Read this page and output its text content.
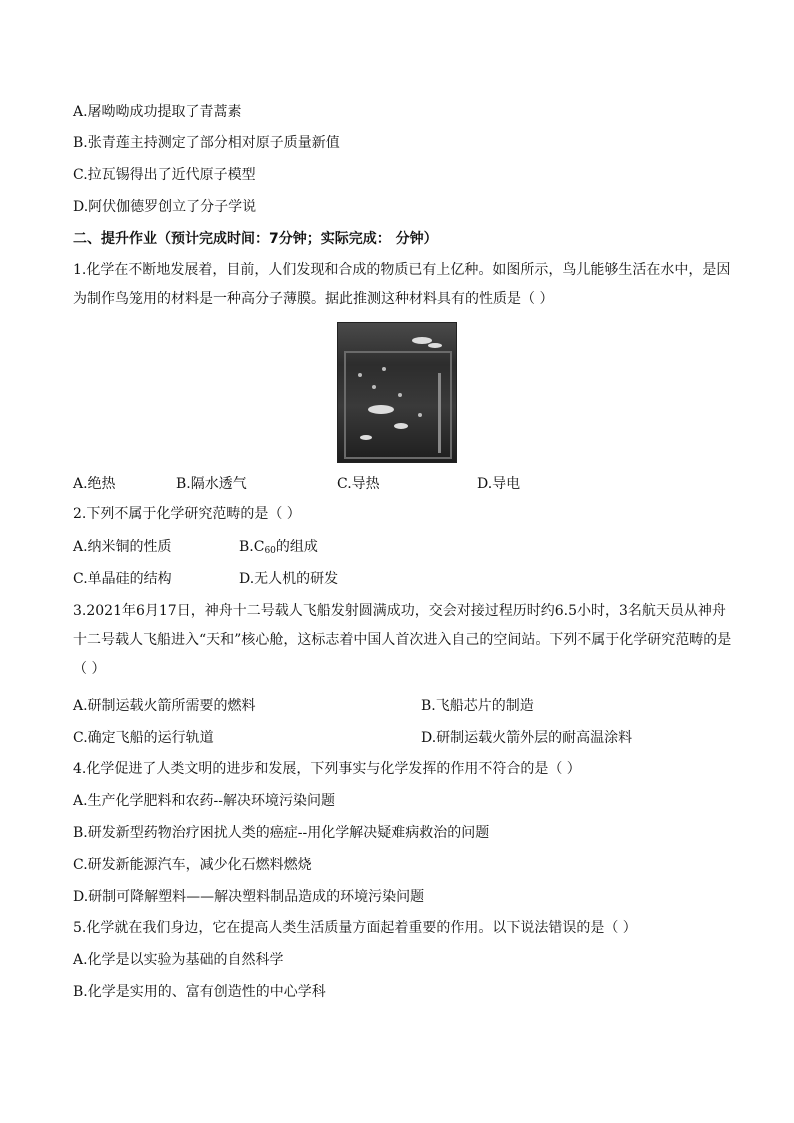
A.屠呦呦成功提取了青蒿素
B.张青莲主持测定了部分相对原子质量新值
C.拉瓦锡得出了近代原子模型
D.阿伏伽德罗创立了分子学说
二、提升作业（预计完成时间：7分钟；实际完成： 分钟）
1.化学在不断地发展着，目前，人们发现和合成的物质已有上亿种。如图所示，鸟儿能够生活在水中，是因为制作鸟笼用的材料是一种高分子薄膜。据此推测这种材料具有的性质是（ ）
A.绝热	B.隔水透气	C.导热	D.导电
2.下列不属于化学研究范畴的是（ ）
A.纳米铜的性质	$B.C_{60}$的组成
C.单晶硅的结构	D.无人机的研发
3.2021年6月17日，神舟十二号载人飞船发射圆满成功，交会对接过程历时约6.5小时，3名航天员从神舟十二号载人飞船进入“天和”核心舱，这标志着中国人首次进入自己的空间站。下列不属于化学研究范畴的是（ ）
A.研制运载火箭所需要的燃料	B.飞船芯片的制造
C.确定飞船的运行轨道	D.研制运载火箭外层的耐高温涂料
4.化学促进了人类文明的进步和发展，下列事实与化学发挥的作用不符合的是（ ）
A.生产化学肥料和农药--解决环境污染问题
B.研发新型药物治疗困扰人类的癌症--用化学解决疑难病救治的问题
C.研发新能源汽车，减少化石燃料燃烧
D.研制可降解塑料——解决塑料制品造成的环境污染问题
5.化学就在我们身边，它在提高人类生活质量方面起着重要的作用。以下说法错误的是（ ）
A.化学是以实验为基础的自然科学
B.化学是实用的、富有创造性的中心学科
